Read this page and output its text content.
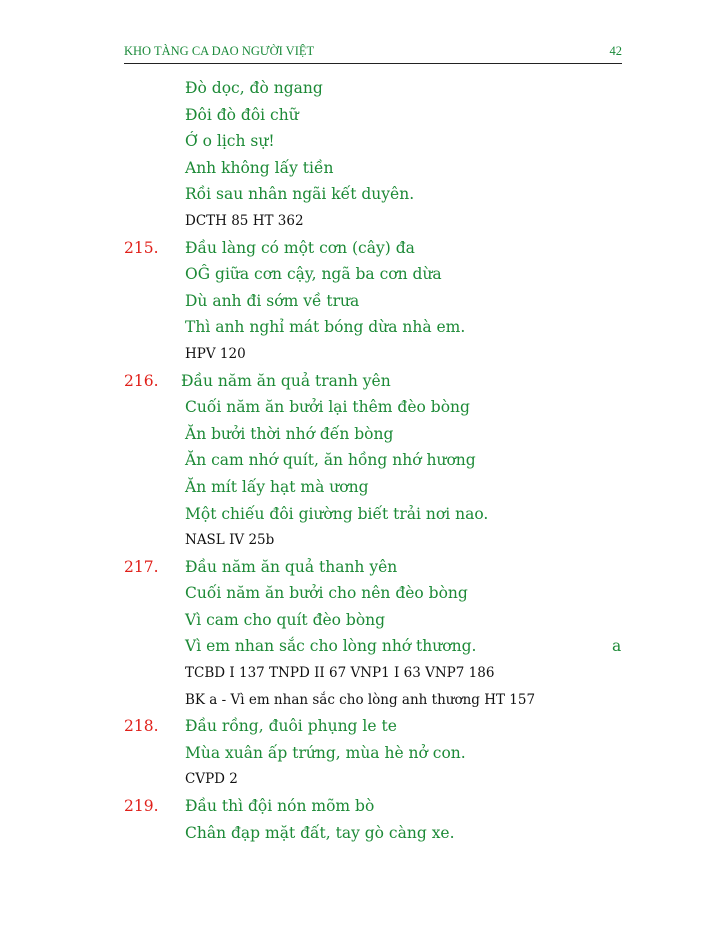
KHO TÀNG CA DAO NGƯỜI VIỆT	42
Đò dọc, đò ngang
Đôi đò đôi chữ
Ớ o lịch sự!
Anh không lấy tiền
Rồi sau nhân ngãi kết duyên.
DCTH 85 HT 362
215. Đầu làng có một cơn (cây) đa
OĜ giữa cơn cậy, ngã ba cơn dừa
Dù anh đi sớm về trưa
Thì anh nghỉ mát bóng dừa nhà em.
HPV 120
216. Đầu năm ăn quả tranh yên
Cuối năm ăn bưởi lại thêm đèo bòng
Ăn bưởi thời nhớ đến bòng
Ăn cam nhớ quít, ăn hồng nhớ hương
Ăn mít lấy hạt mà ương
Một chiếu đôi giường biết trải nơi nao.
NASL IV 25b
217. Đầu năm ăn quả thanh yên
Cuối năm ăn bưởi cho nên đèo bòng
Vì cam cho quít đèo bòng
Vì em nhan sắc cho lòng nhớ thương.	a
TCBD I 137 TNPD II 67 VNP1 I 63 VNP7 186
BK a - Vì em nhan sắc cho lòng anh thương HT 157
218. Đầu rồng, đuôi phụng le te
Mùa xuân ấp trứng, mùa hè nở con.
CVPD 2
219. Đầu thì đội nón mõm bò
Chân đạp mặt đất, tay gò càng xe.
